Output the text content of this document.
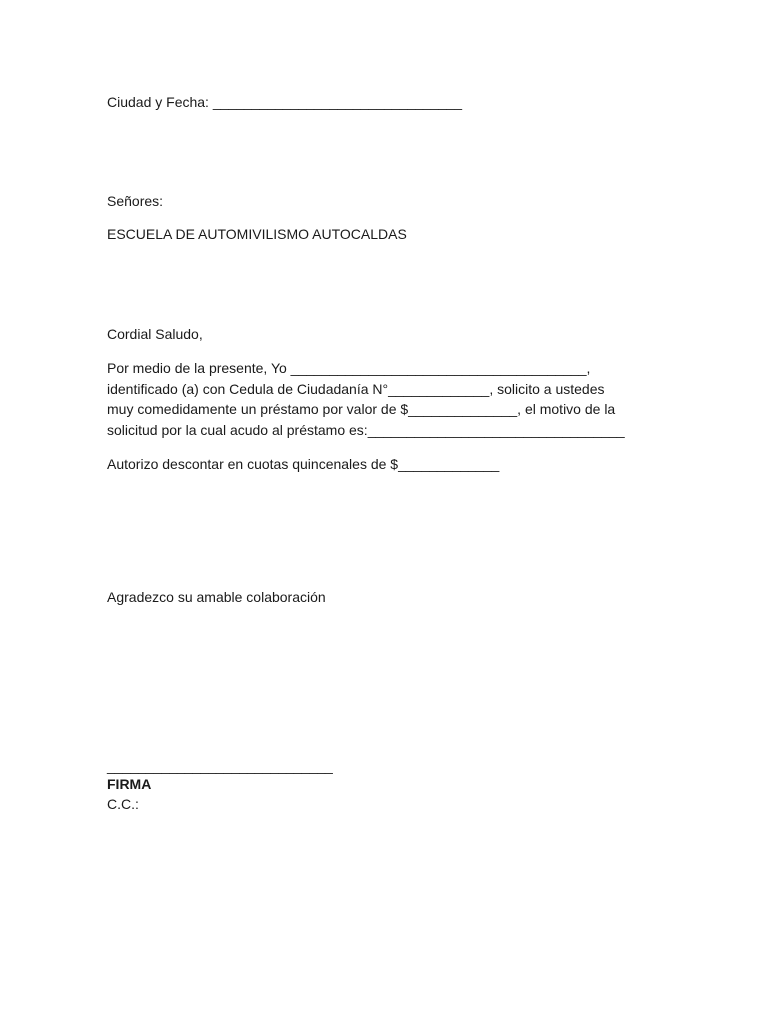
Ciudad y Fecha: ________________________________
Señores:
ESCUELA DE AUTOMIVILISMO AUTOCALDAS
Cordial Saludo,
Por medio de la presente, Yo ______________________________________,
identificado (a) con Cedula de Ciudadanía N°_____________, solicito a ustedes
muy comedidamente un préstamo por valor de $______________, el motivo de la
solicitud por la cual acudo al préstamo es:_________________________________
Autorizo descontar en cuotas quincenales de $_____________
Agradezco su amable colaboración
_____________________________
FIRMA
C.C.:
